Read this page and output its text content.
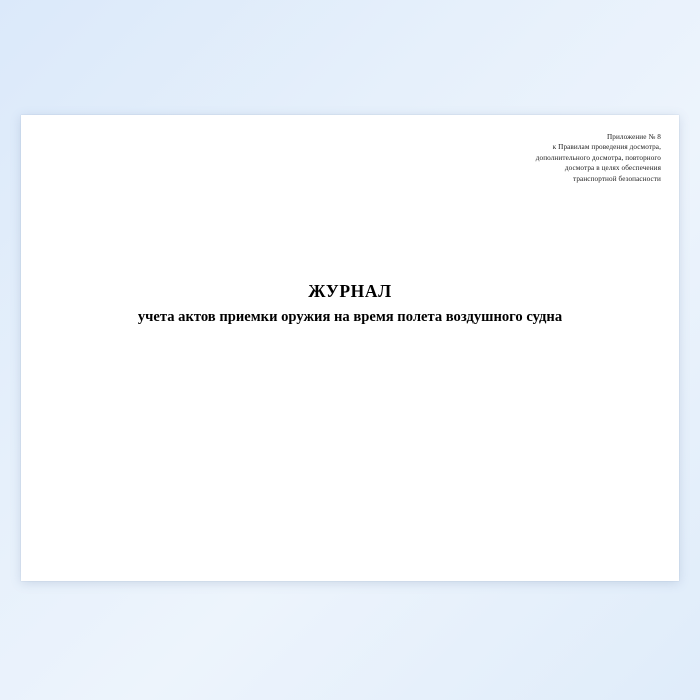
Приложение № 8
к Правилам проведения досмотра,
дополнительного досмотра, повторного
досмотра в целях обеспечения
транспортной безопасности
ЖУРНАЛ
учета актов приемки оружия на время полета воздушного судна
